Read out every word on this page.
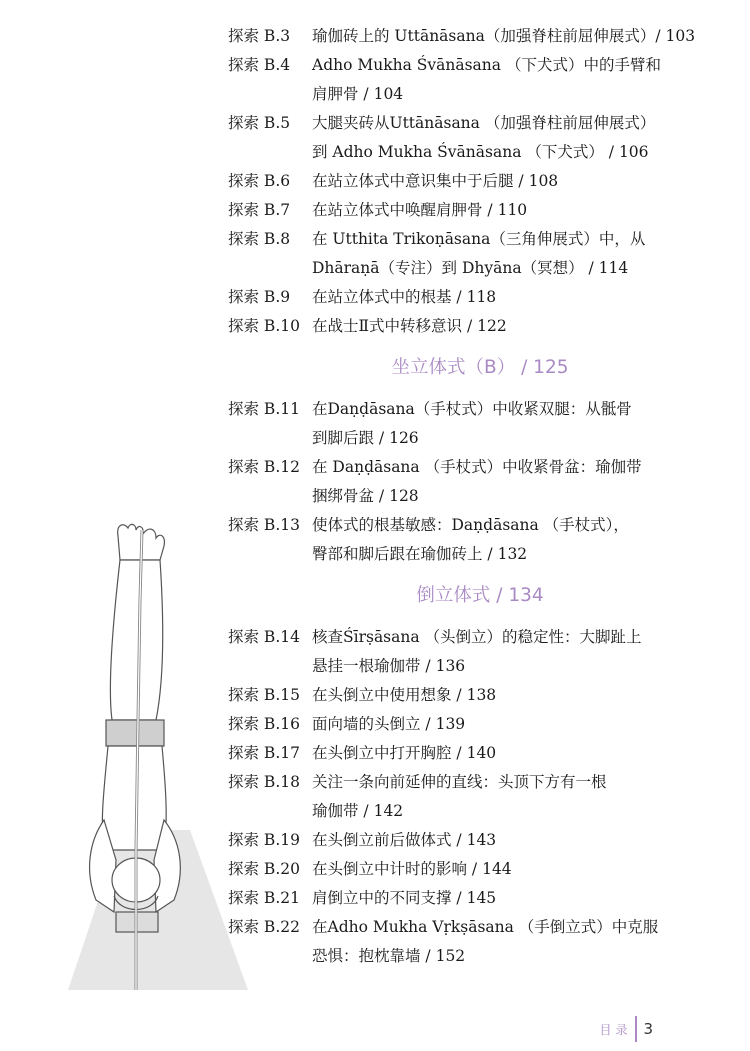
探索 B.3 瑜伽砖上的 Uttānāsana（加强脊柱前屈伸展式）/ 103
探索 B.4 Adho Mukha Śvānāsana （下犬式）中的手臂和
肩胛骨 / 104
探索 B.5 大腿夹砖从Uttānāsana （加强脊柱前屈伸展式）
到 Adho Mukha Śvānāsana （下犬式） / 106
探索 B.6 在站立体式中意识集中于后腿 / 108
探索 B.7 在站立体式中唤醒肩胛骨 / 110
探索 B.8 在 Utthita Trikoṇāsana（三角伸展式）中，从
Dhāraṇā（专注）到 Dhyāna（冥想） / 114
探索 B.9 在站立体式中的根基 / 118
探索 B.10 在战士Ⅱ式中转移意识 / 122
坐立体式（B） / 125
探索 B.11 在Daṇḍāsana（手杖式）中收紧双腿：从骶骨
到脚后跟 / 126
探索 B.12 在 Daṇḍāsana （手杖式）中收紧骨盆：瑜伽带
捆绑骨盆 / 128
探索 B.13 使体式的根基敏感：Daṇḍāsana （手杖式），
臀部和脚后跟在瑜伽砖上 / 132
倒立体式 / 134
探索 B.14 核查Śīrṣāsana （头倒立）的稳定性：大脚趾上
悬挂一根瑜伽带 / 136
探索 B.15 在头倒立中使用想象 / 138
探索 B.16 面向墙的头倒立 / 139
探索 B.17 在头倒立中打开胸腔 / 140
探索 B.18 关注一条向前延伸的直线：头顶下方有一根
瑜伽带 / 142
探索 B.19 在头倒立前后做体式 / 143
探索 B.20 在头倒立中计时的影响 / 144
探索 B.21 肩倒立中的不同支撑 / 145
探索 B.22 在Adho Mukha Vṛkṣāsana （手倒立式）中克服
恐惧：抱枕靠墙 / 152
目录 3
